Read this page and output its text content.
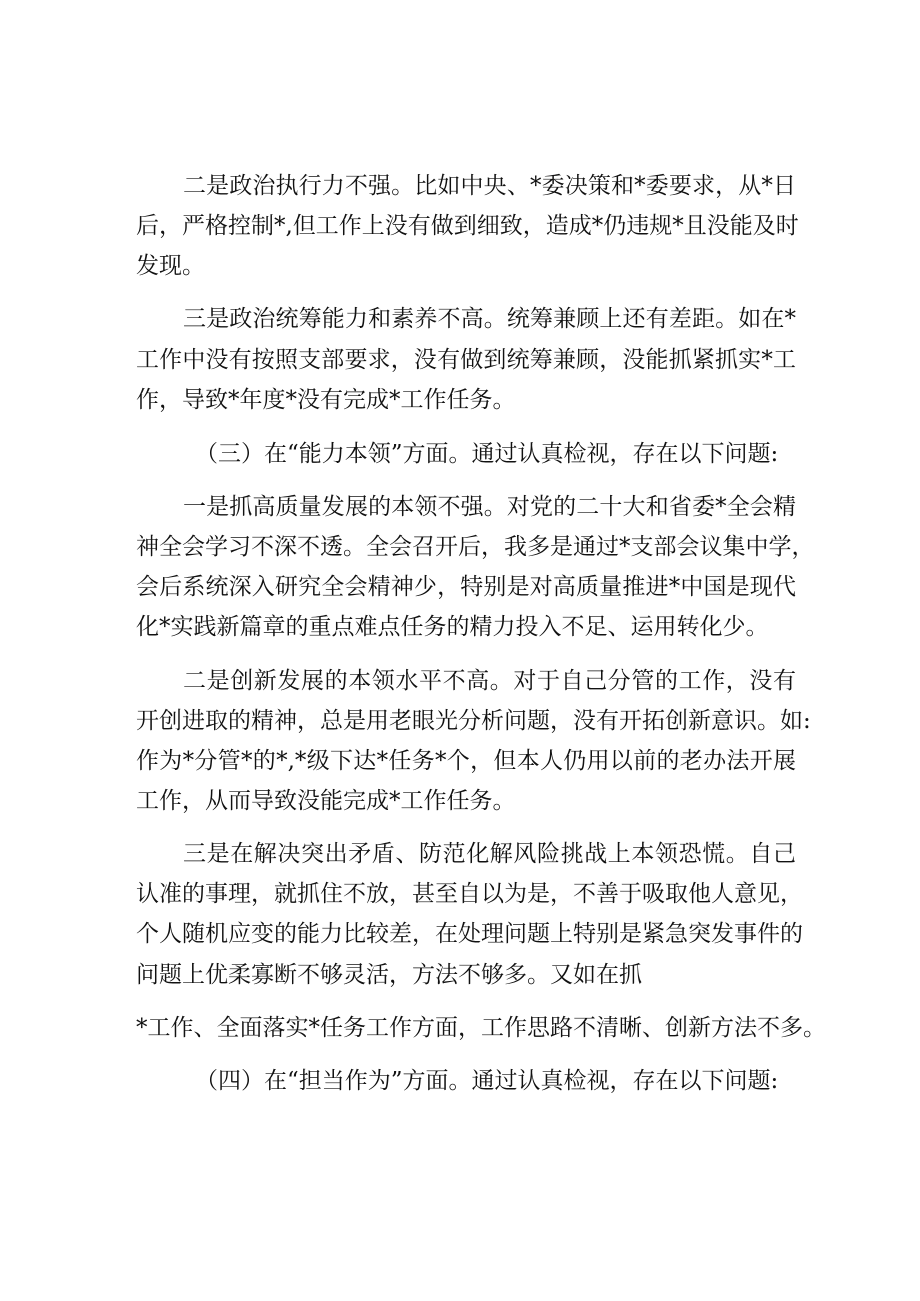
二是政治执行力不强。比如中央、*委决策和*委要求，从*日
后，严格控制*,但工作上没有做到细致，造成*仍违规*且没能及时
发现。
三是政治统筹能力和素养不高。统筹兼顾上还有差距。如在*
工作中没有按照支部要求，没有做到统筹兼顾，没能抓紧抓实*工
作，导致*年度*没有完成*工作任务。
（三）在“能力本领”方面。通过认真检视，存在以下问题:
一是抓高质量发展的本领不强。对党的二十大和省委*全会精
神全会学习不深不透。全会召开后，我多是通过*支部会议集中学，
会后系统深入研究全会精神少，特别是对高质量推进*中国是现代
化*实践新篇章的重点难点任务的精力投入不足、运用转化少。
二是创新发展的本领水平不高。对于自己分管的工作，没有
开创进取的精神，总是用老眼光分析问题，没有开拓创新意识。如:
作为*分管*的*,*级下达*任务*个，但本人仍用以前的老办法开展
工作，从而导致没能完成*工作任务。
三是在解决突出矛盾、防范化解风险挑战上本领恐慌。自己
认准的事理，就抓住不放，甚至自以为是，不善于吸取他人意见，
个人随机应变的能力比较差，在处理问题上特别是紧急突发事件的
问题上优柔寡断不够灵活，方法不够多。又如在抓
*工作、全面落实*任务工作方面，工作思路不清晰、创新方法不多。
（四）在“担当作为”方面。通过认真检视，存在以下问题:
